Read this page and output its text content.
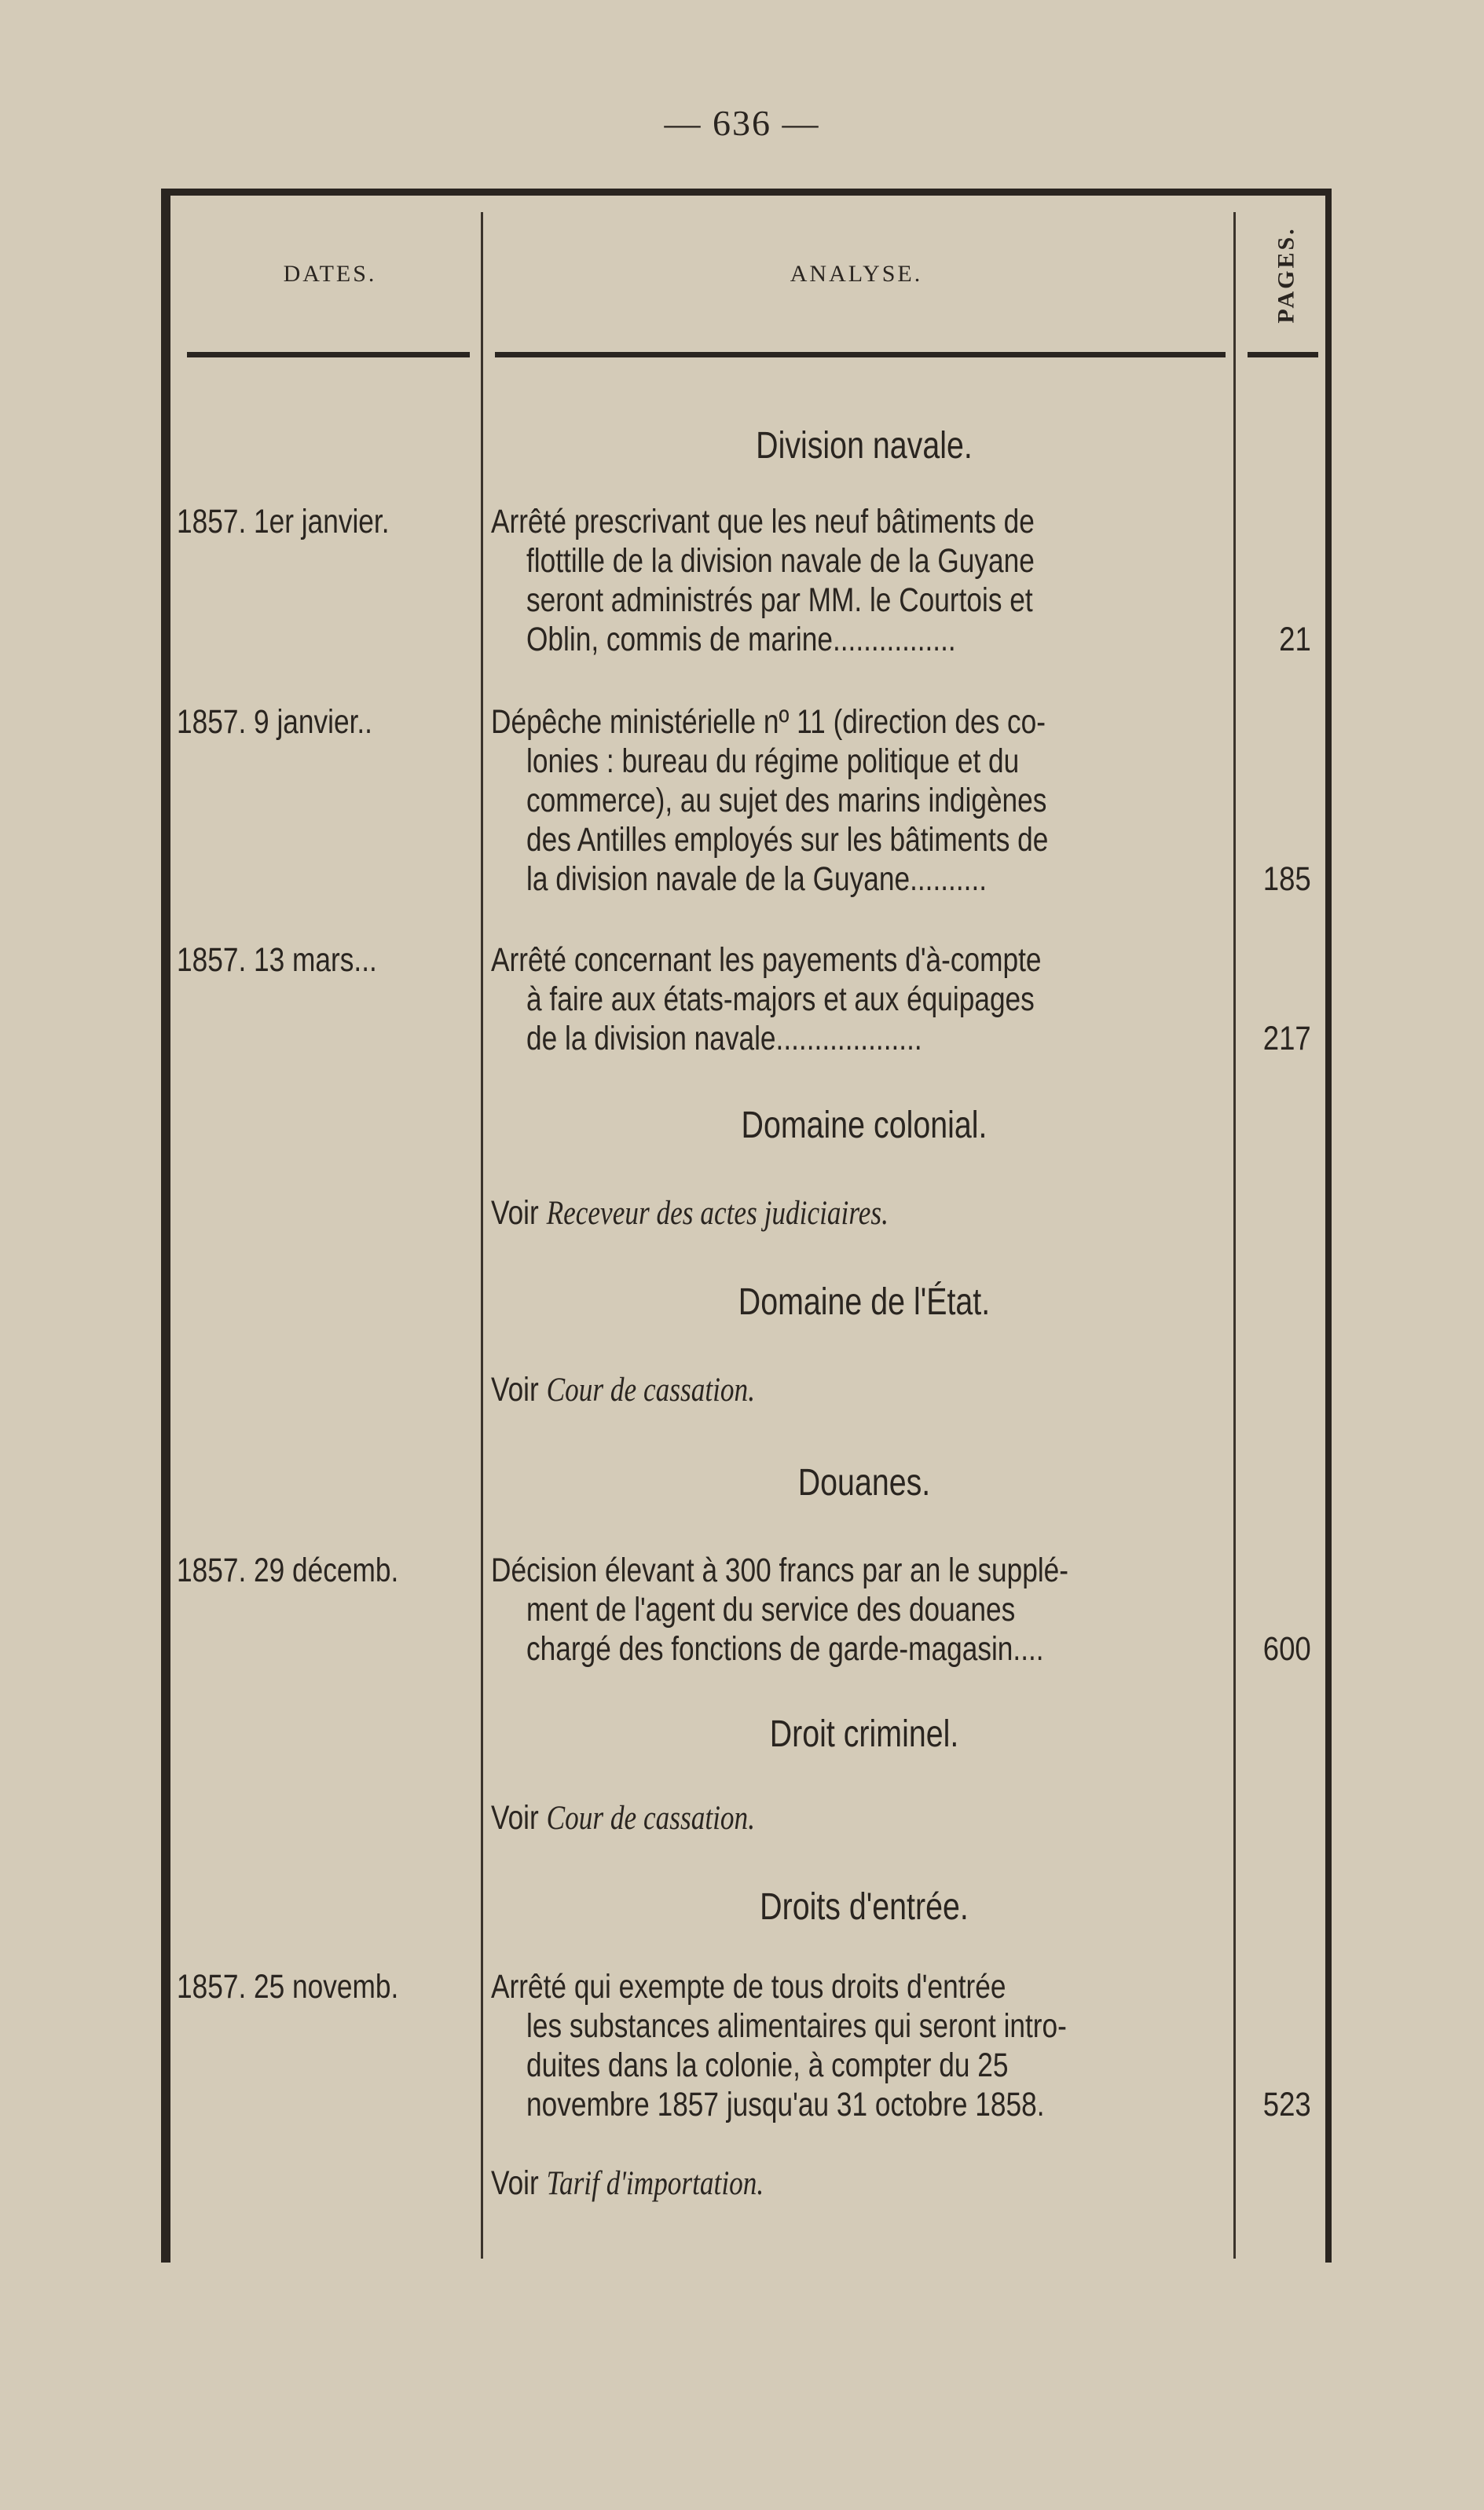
— 636 —
DATES.	ANALYSE.	PAGES.
Division navale.
1857. 1er janvier.	Arrêté prescrivant que les neuf bâtiments de
flottille de la division navale de la Guyane
seront administrés par MM. le Courtois et
Oblin, commis de marine................	21
1857. 9 janvier..	Dépêche ministérielle nº 11 (direction des co-
lonies : bureau du régime politique et du
commerce), au sujet des marins indigènes
des Antilles employés sur les bâtiments de
la division navale de la Guyane..........	185
1857. 13 mars...	Arrêté concernant les payements d'à-compte
à faire aux états-majors et aux équipages
de la division navale...................	217
Domaine colonial.
Voir Receveur des actes judiciaires.
Domaine de l'État.
Voir Cour de cassation.
Douanes.
1857. 29 décemb.	Décision élevant à 300 francs par an le supplé-
ment de l'agent du service des douanes
chargé des fonctions de garde-magasin....	600
Droit criminel.
Voir Cour de cassation.
Droits d'entrée.
1857. 25 novemb.	Arrêté qui exempte de tous droits d'entrée
les substances alimentaires qui seront intro-
duites dans la colonie, à compter du 25
novembre 1857 jusqu'au 31 octobre 1858.	523
Voir Tarif d'importation.
